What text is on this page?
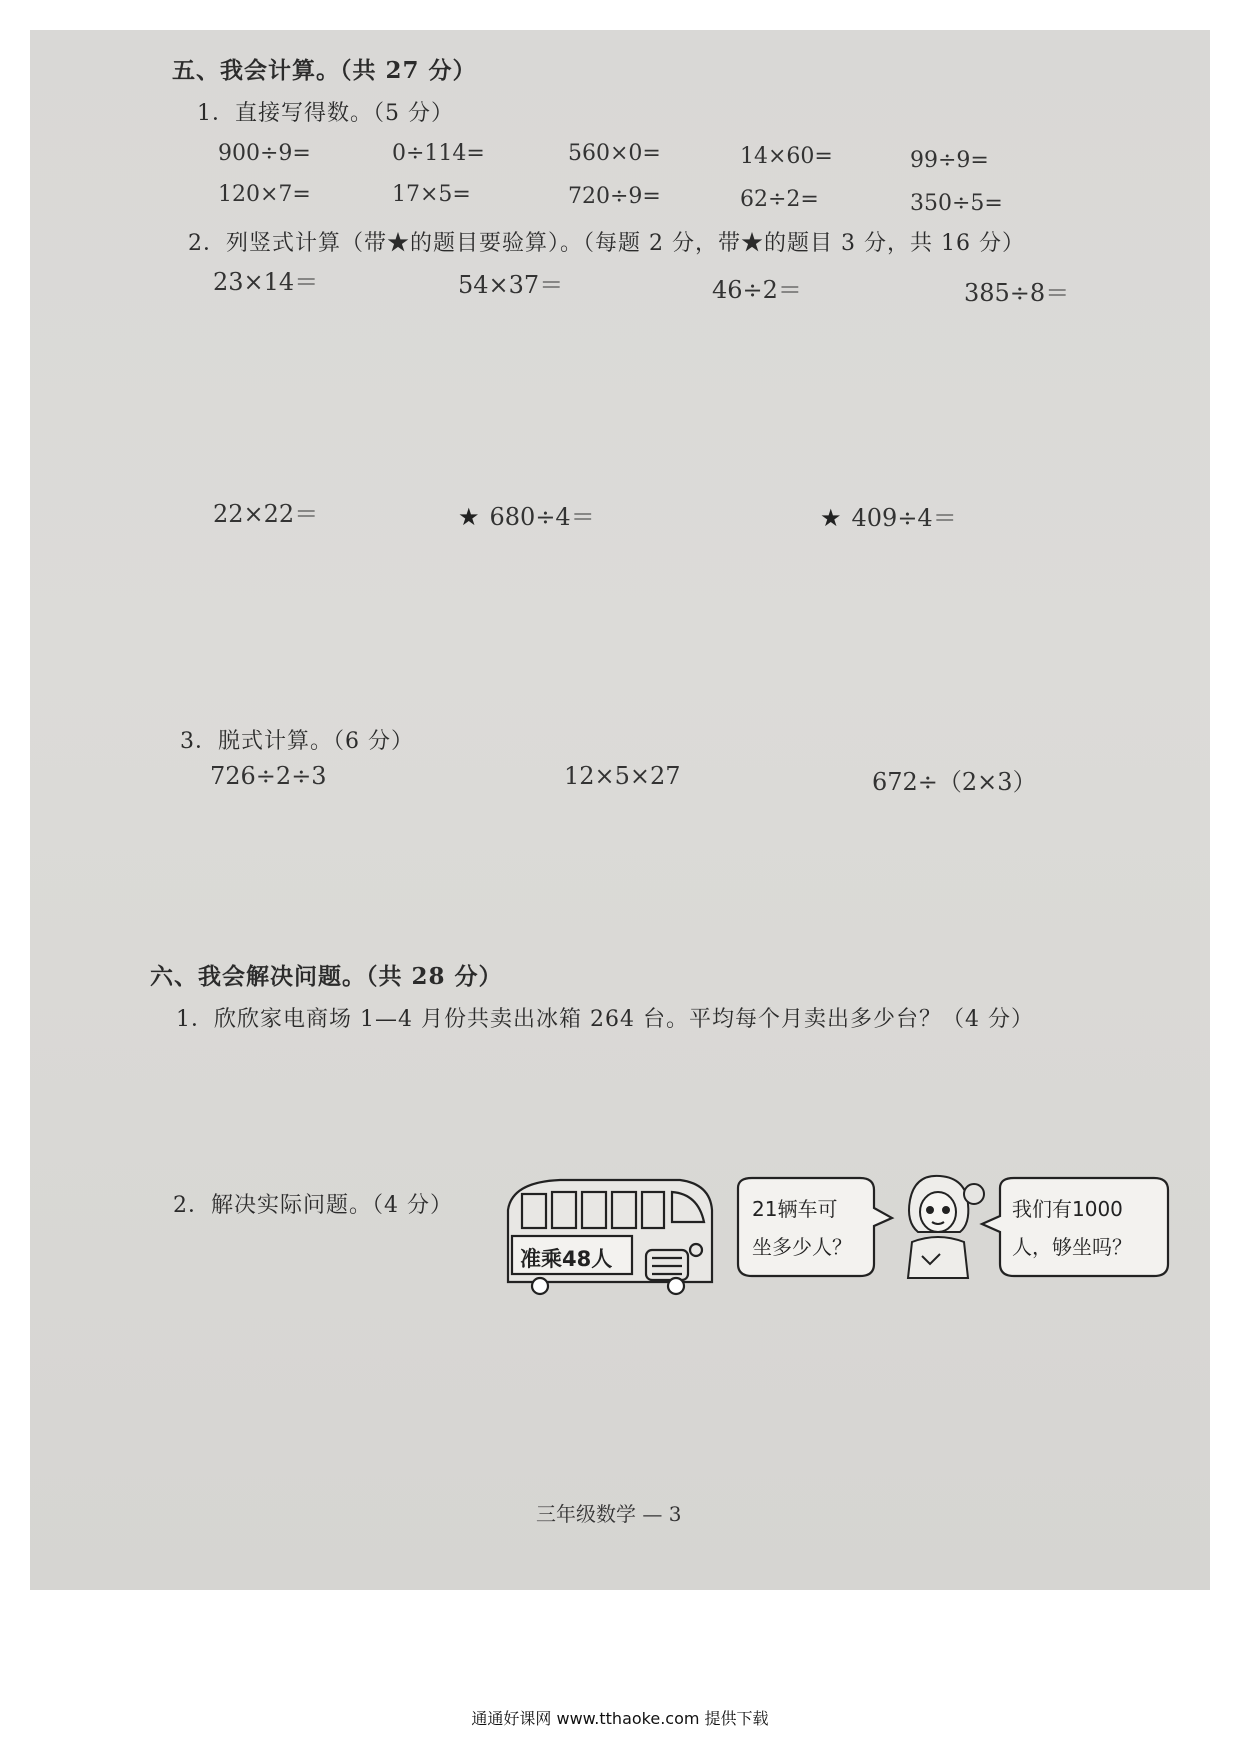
五、我会计算。（共 27 分）
1．直接写得数。（5 分）
900÷9=	0÷114=	560×0=	14×60=	99÷9=
120×7=	17×5=	720÷9=	62÷2=	350÷5=
2．列竖式计算（带★的题目要验算）。（每题 2 分，带★的题目 3 分，共 16 分）
23×14＝	54×37＝	46÷2＝	385÷8＝
22×22＝	★ 680÷4＝	★ 409÷4＝
3．脱式计算。（6 分）
726÷2÷3	12×5×27	672÷（2×3）
六、我会解决问题。（共 28 分）
1．欣欣家电商场 1—4 月份共卖出冰箱 264 台。平均每个月卖出多少台？（4 分）
2．解决实际问题。（4 分）
准乘48人
21辆车可
坐多少人？
我们有1000
人，够坐吗？
三年级数学 — 3
通通好课网 www.tthaoke.com 提供下载
